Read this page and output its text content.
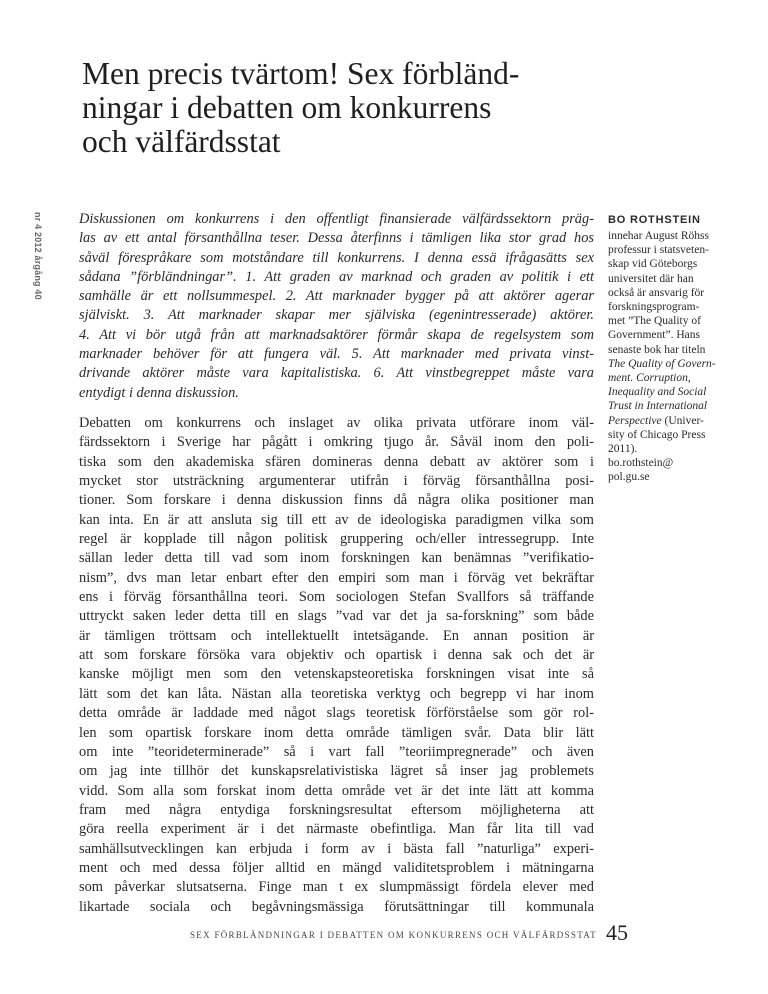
Men precis tvärtom! Sex förbländ-
ningar i debatten om konkurrens
och välfärdsstat
nr 4 2012 årgång 40	Diskussionen om konkurrens i den offentligt finansierade välfärdssektorn präg-
las av ett antal försanthållna teser. Dessa återfinns i tämligen lika stor grad hos
såväl förespråkare som motståndare till konkurrens. I denna essä ifrågasätts sex
sådana ”förbländningar”. 1. Att graden av marknad och graden av politik i ett
samhälle är ett nollsummespel. 2. Att marknader bygger på att aktörer agerar
själviskt. 3. Att marknader skapar mer själviska (egenintresserade) aktörer.
4. Att vi bör utgå från att marknadsaktörer förmår skapa de regelsystem som
marknader behöver för att fungera väl. 5. Att marknader med privata vinst-
drivande aktörer måste vara kapitalistiska. 6. Att vinstbegreppet måste vara
entydigt i denna diskussion.
Debatten om konkurrens och inslaget av olika privata utförare inom väl-
färdssektorn i Sverige har pågått i omkring tjugo år. Såväl inom den poli-
tiska som den akademiska sfären domineras denna debatt av aktörer som i
mycket stor utsträckning argumenterar utifrån i förväg försanthållna posi-
tioner. Som forskare i denna diskussion finns då några olika positioner man
kan inta. En är att ansluta sig till ett av de ideologiska paradigmen vilka som
regel är kopplade till någon politisk gruppering och/eller intressegrupp. Inte
sällan leder detta till vad som inom forskningen kan benämnas ”verifikatio-
nism”, dvs man letar enbart efter den empiri som man i förväg vet bekräftar
ens i förväg försanthållna teori. Som sociologen Stefan Svallfors så träffande
uttryckt saken leder detta till en slags ”vad var det ja sa-forskning” som både
är tämligen tröttsam och intellektuellt intetsägande. En annan position är
att som forskare försöka vara objektiv och opartisk i denna sak och det är
kanske möjligt men som den vetenskapsteoretiska forskningen visat inte så
lätt som det kan låta. Nästan alla teoretiska verktyg och begrepp vi har inom
detta område är laddade med något slags teoretisk förförståelse som gör rol-
len som opartisk forskare inom detta område tämligen svår. Data blir lätt
om inte ”teorideterminerade” så i vart fall ”teoriimpregnerade” och även
om jag inte tillhör det kunskapsrelativistiska lägret så inser jag problemets
vidd. Som alla som forskat inom detta område vet är det inte lätt att komma
fram med några entydiga forskningsresultat eftersom möjligheterna att
göra reella experiment är i det närmaste obefintliga. Man får lita till vad
samhällsutvecklingen kan erbjuda i form av i bästa fall ”naturliga” experi-
ment och med dessa följer alltid en mängd validitetsproblem i mätningarna
som påverkar slutsatserna. Finge man t ex slumpmässigt fördela elever med
likartade sociala och begåvningsmässiga förutsättningar till kommunala
BO ROTHSTEIN
innehar August Röhss
professur i statsveten-
skap vid Göteborgs
universitet där han
också är ansvarig för
forskningsprogram-
met ”The Quality of
Government”. Hans
senaste bok har titeln
The Quality of Govern-
ment. Corruption,
Inequality and Social
Trust in International
Perspective (Univer-
sity of Chicago Press
2011).
bo.rothstein@
pol.gu.se
SEX FÖRBLÄNDNINGAR I DEBATTEN OM KONKURRENS OCH VÄLFÄRDSSTAT 45
